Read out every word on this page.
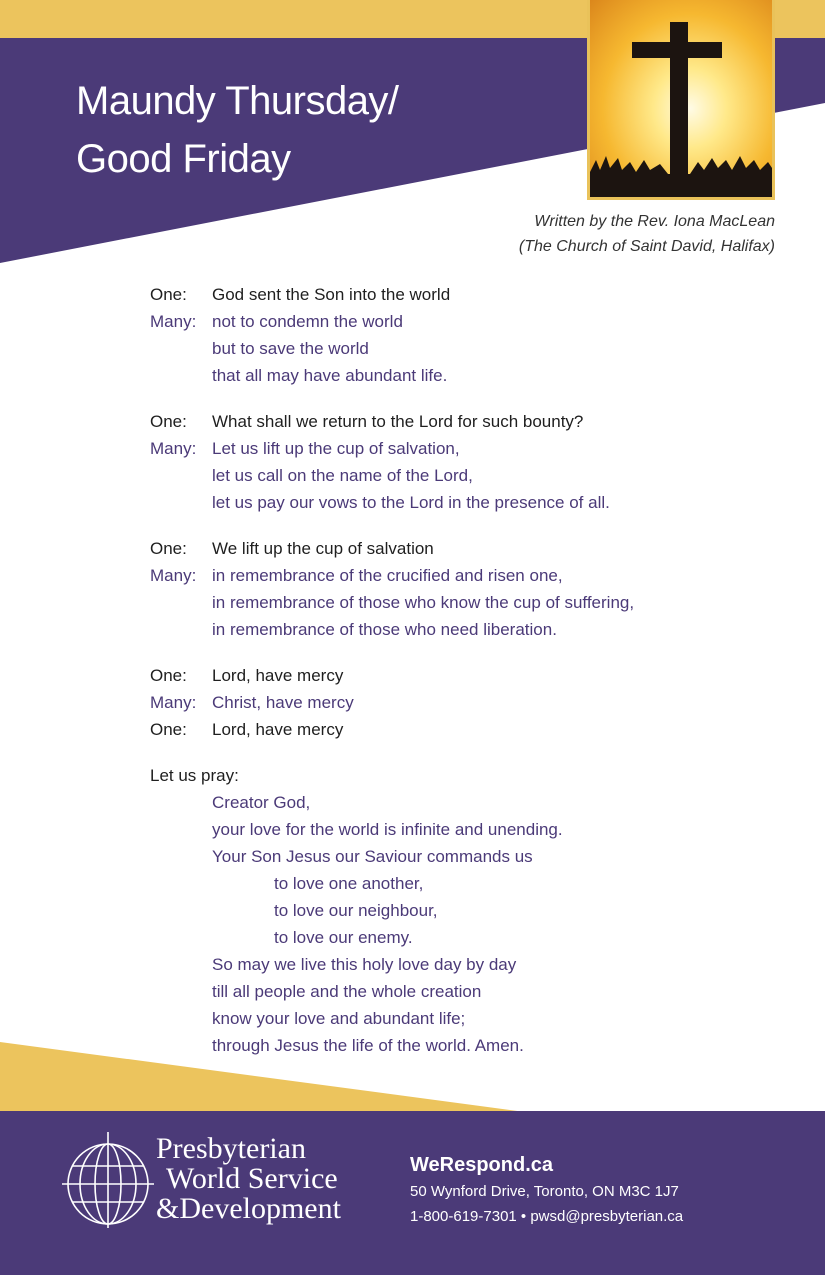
Maundy Thursday/
Good Friday
Written by the Rev. Iona MacLean
(The Church of Saint David, Halifax)
One:	God sent the Son into the world
Many: not to condemn the world
but to save the world
that all may have abundant life.
One:	What shall we return to the Lord for such bounty?
Many: Let us lift up the cup of salvation,
let us call on the name of the Lord,
let us pay our vows to the Lord in the presence of all.
One:	We lift up the cup of salvation
Many: in remembrance of the crucified and risen one,
in remembrance of those who know the cup of suffering,
in remembrance of those who need liberation.
One:	Lord, have mercy
Many: Christ, have mercy
One:	Lord, have mercy
Let us pray:
Creator God,
your love for the world is infinite and unending.
Your Son Jesus our Saviour commands us
to love one another,
to love our neighbour,
to love our enemy.
So may we live this holy love day by day
till all people and the whole creation
know your love and abundant life;
through Jesus the life of the world. Amen.
Presbyterian
World Service
&Development
WeRespond.ca
50 Wynford Drive, Toronto, ON M3C 1J7
1-800-619-7301 • pwsd@presbyterian.ca
